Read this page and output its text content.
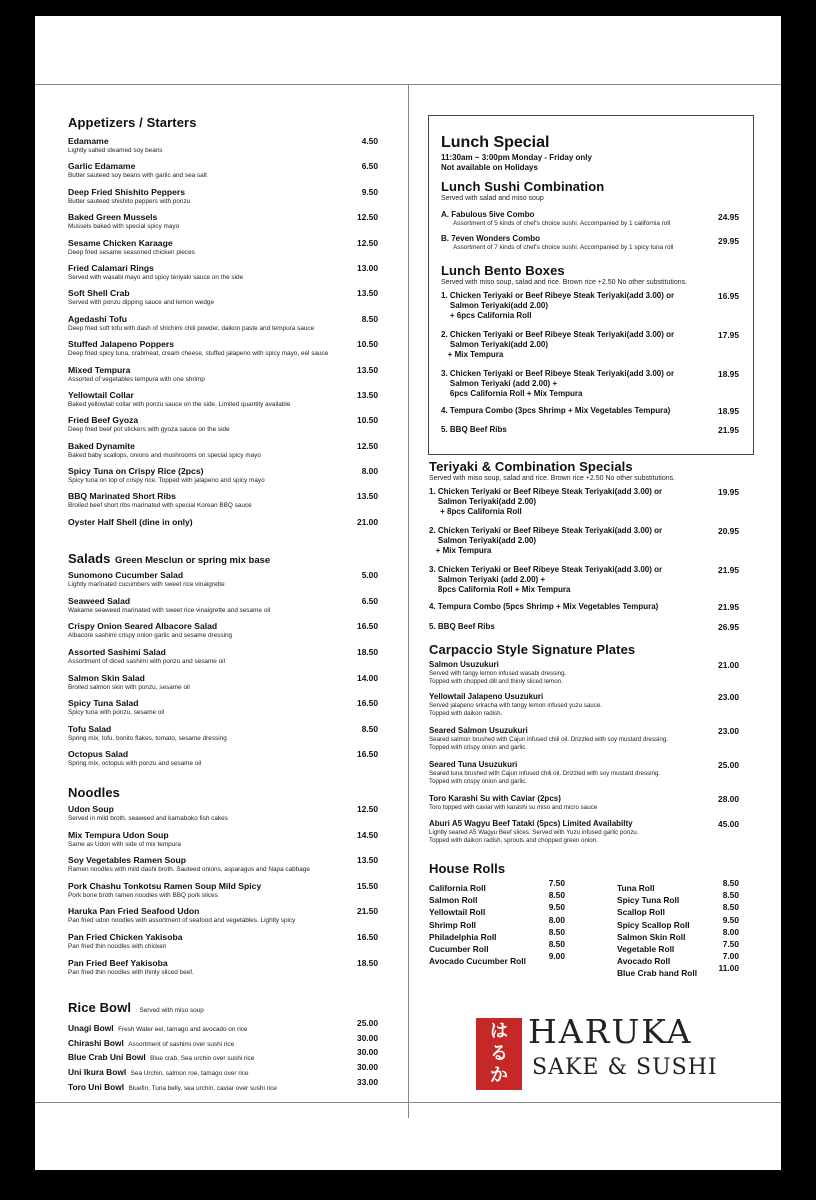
Appetizers / Starters
Edamame
Lightly salted steamed soy beans
4.50
Garlic Edamame
Butter sauteed soy beans with garlic and sea salt
6.50
Deep Fried Shishito Peppers
Butter sauteed shishito peppers with ponzu
9.50
Baked Green Mussels
Mussels baked with special spicy mayo
12.50
Sesame Chicken Karaage
Deep fried sesame seasoned chicken pieces
12.50
Fried Calamari Rings
Served with wasabi mayo and spicy teriyaki sauce on the side
13.00
Soft Shell Crab
Served with ponzu dipping sauce and lemon wedge
13.50
Agedashi Tofu
Deep fried soft tofu with dash of shichimi chili powder, daikon paste and tempura sauce
8.50
Stuffed Jalapeno Poppers
Deep fried spicy tuna, crabmeat, cream cheese, stuffed jalapeno with spicy mayo, eel sauce
10.50
Mixed Tempura
Assorted of vegetables tempura with one shrimp
13.50
Yellowtail Collar
Baked yellowtail collar with ponzu sauce on the side. Limited quantity available
13.50
Fried Beef Gyoza
Deep fried beef pot stickers with gyoza sauce on the side
10.50
Baked Dynamite
Baked baby scallops, onions and mushrooms on special spicy mayo
12.50
Spicy Tuna on Crispy Rice (2pcs)
Spicy tuna on top of crispy rice. Topped with jalapeno and spicy mayo
8.00
BBQ Marinated Short Ribs
Broiled beef short ribs marinated with special Korean BBQ sauce
13.50
Oyster Half Shell (dine in only)	21.00
Salads Green Mesclun or spring mix base
Sunomono Cucumber Salad
Lightly marinated cucumbers with sweet rice vinaigrette
5.00
Seaweed Salad
Wakame seaweed marinated with sweet rice vinaigrette and sesame oil
6.50
Crispy Onion Seared Albacore Salad
Albacore sashimi crispy onion garlic and sesame dressing
16.50
Assorted Sashimi Salad
Assortment of diced sashimi with ponzu and sesame oil
18.50
Salmon Skin Salad
Broiled salmon skin with ponzu, sesame oil
14.00
Spicy Tuna Salad
Spicy tuna with ponzu, sesame oil
16.50
Tofu Salad
Spring mix, tofu, bonito flakes, tomato, sesame dressing
8.50
Octopus Salad
Spring mix, octopus with ponzu and sesame oil
16.50
Noodles
Udon Soup
Served in mild broth, seaweed and kamaboko fish cakes
12.50
Mix Tempura Udon Soup
Same as Udon with side of mix tempura
14.50
Soy Vegetables Ramen Soup
Ramen noodles with mild dashi broth. Sauteed onions, asparagus and Napa cabbage
13.50
Pork Chashu Tonkotsu Ramen Soup Mild Spicy
Pork bone broth ramen noodles with BBQ pork slices
15.50
Haruka Pan Fried Seafood Udon
Pan fried udon noodles with assortment of seafood and vegetables. Lightly spicy
21.50
Pan Fried Chicken Yakisoba
Pan fried thin noodles with chicken
16.50
Pan Fried Beef Yakisoba
Pan fried thin noodles with thinly sliced beef.
18.50
Rice Bowl Served with miso soup
Unagi Bowl Fresh Water eel, tamago and avocado on rice
25.00
Chirashi Bowl Assortment of sashimi over sushi rice
30.00
Blue Crab Uni Bowl Blue crab, Sea urchin over sushi rice
30.00
Uni Ikura Bowl Sea Urchin, salmon roe, tamago over rice
30.00
Toro Uni Bowl Bluefin, Tuna belly, sea urchin, caviar over sushi rice
33.00
Lunch Special
11:30am ~ 3:00pm Monday - Friday only
Not available on Holidays
Lunch Sushi Combination
Served with salad and miso soup
A. Fabulous 5ive Combo
Assortment of 5 kinds of chef's choice sushi. Accompanied by 1 california roll
24.95
B. 7even Wonders Combo
Assortment of 7 kinds of chef's choice sushi. Accompanied by 1 spicy tuna roll
29.95
Lunch Bento Boxes
Served with miso soup, salad and rice. Brown rice +2.50 No other substitutions.
1. Chicken Teriyaki or Beef Ribeye Steak Teriyaki(add 3.00) or
Salmon Teriyaki(add 2.00)
+ 6pcs California Roll
16.95
2. Chicken Teriyaki or Beef Ribeye Steak Teriyaki(add 3.00) or
Salmon Teriyaki(add 2.00)
+ Mix Tempura
17.95
3. Chicken Teriyaki or Beef Ribeye Steak Teriyaki(add 3.00) or
Salmon Teriyaki (add 2.00) +
6pcs California Roll + Mix Tempura
18.95
4. Tempura Combo (3pcs Shrimp + Mix Vegetables Tempura)	18.95
5. BBQ Beef Ribs	21.95
Teriyaki & Combination Specials
Served with miso soup, salad and rice. Brown rice +2.50 No other substitutions.
1. Chicken Teriyaki or Beef Ribeye Steak Teriyaki(add 3.00) or
Salmon Teriyaki(add 2.00)
+ 8pcs California Roll
19.95
2. Chicken Teriyaki or Beef Ribeye Steak Teriyaki(add 3.00) or
Salmon Teriyaki(add 2.00)
+ Mix Tempura
20.95
3. Chicken Teriyaki or Beef Ribeye Steak Teriyaki(add 3.00) or
Salmon Teriyaki (add 2.00) +
8pcs California Roll + Mix Tempura
21.95
4. Tempura Combo (5pcs Shrimp + Mix Vegetables Tempura)	21.95
5. BBQ Beef Ribs	26.95
Carpaccio Style Signature Plates
Salmon Usuzukuri
Served with tangy lemon infused wasabi dressing.
Topped with chopped dill and thinly sliced lemon.
21.00
Yellowtail Jalapeno Usuzukuri
Served jalapeno sriracha with tangy lemon infused yuzu sauce.
Topped with daikon radish.
23.00
Seared Salmon Usuzukuri
Seared salmon brushed with Cajun infused chili oil. Drizzled with soy mustard dressing.
Topped with crispy onion and garlic.
23.00
Seared Tuna Usuzukuri
Seared tuna brushed with Cajun infused chili oil. Drizzled with soy mustard dressing.
Topped with crispy onion and garlic.
25.00
Toro Karashi Su with Caviar (2pcs)
Toro topped with caviar with karashi su miso and micro sauce
28.00
Aburi A5 Wagyu Beef Tataki (5pcs) Limited Availabilty
Lightly seared A5 Wagyu Beef slices. Served with Yuzu infused garlic ponzu.
Topped with daikon radish, sprouts and chopped green onion.
45.00
House Rolls
California Roll	7.50
Salmon Roll	8.50
Yellowtail Roll	9.50
Shrimp Roll	8.00
Philadelphia Roll	8.50
Cucumber Roll	8.50
Avocado Cucumber Roll	9.00
Tuna Roll	8.50
Spicy Tuna Roll	8.50
Scallop Roll	8.50
Spicy Scallop Roll	9.50
Salmon Skin Roll	8.00
Vegetable Roll	7.50
Avocado Roll	7.00
Blue Crab hand Roll	11.00
は
る
か
HARUKA
SAKE & SUSHI
